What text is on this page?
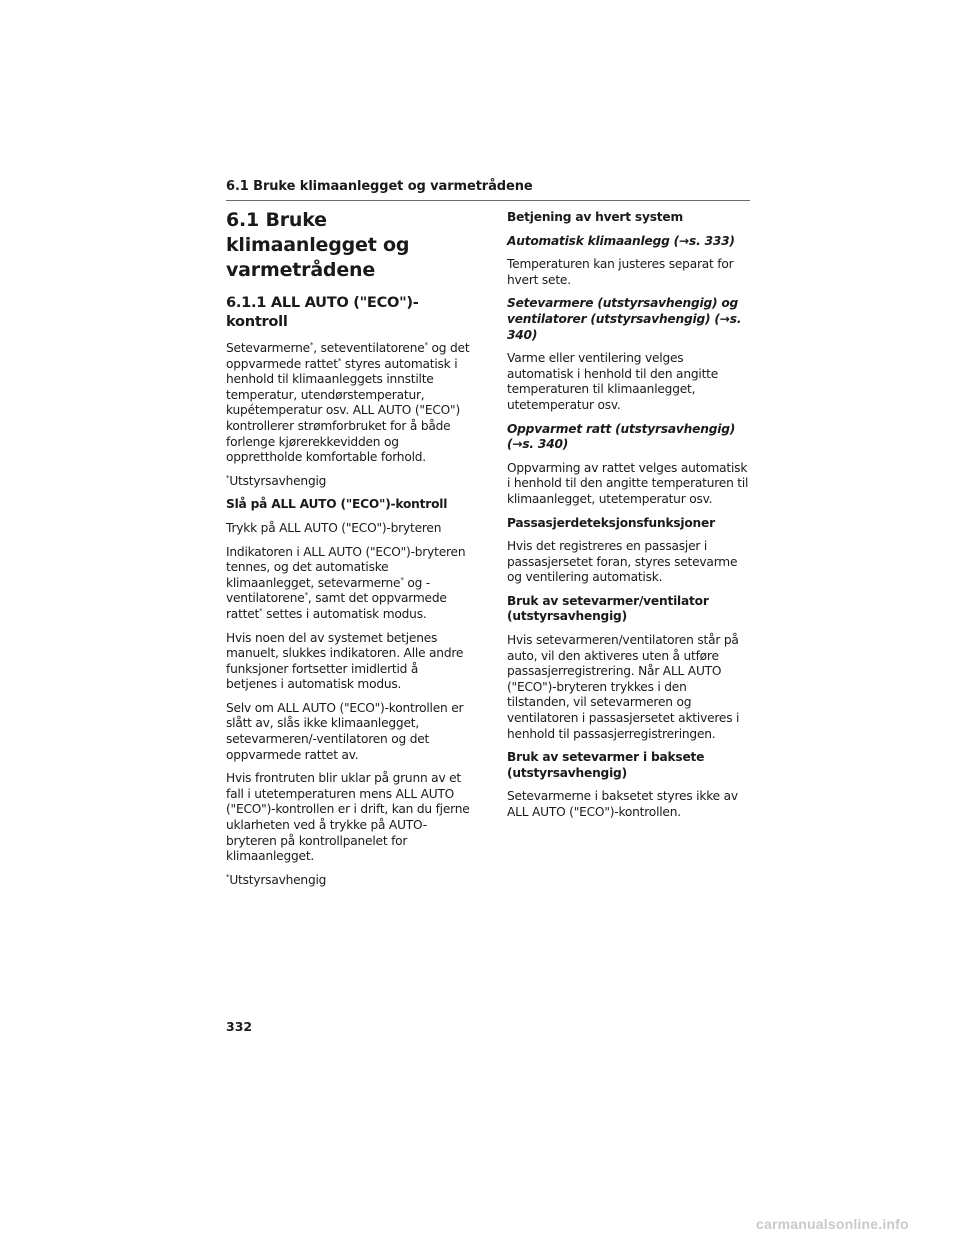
6.1 Bruke klimaanlegget og varmetrådene
6.1 Bruke klimaanlegget og
varmetrådene
6.1.1 ALL AUTO ("ECO")-kontroll

Setevarmerne*, seteventilatorene* og det oppvarmede rattet* styres automatisk i henhold til klimaanleggets innstilte temperatur, utendørstemperatur, kupétemperatur osv. ALL AUTO ("ECO") kontrollerer strømforbruket for å både forlenge kjørerekkevidden og opprettholde komfortable forhold.

*Utstyrsavhengig

Slå på ALL AUTO ("ECO")-kontroll

Trykk på ALL AUTO ("ECO")-bryteren

Indikatoren i ALL AUTO ("ECO")-bryteren tennes, og det automatiske klimaanlegget, setevarmerne* og -ventilatorene*, samt det oppvarmede rattet* settes i automatisk modus.

Hvis noen del av systemet betjenes manuelt, slukkes indikatoren. Alle andre funksjoner fortsetter imidlertid å betjenes i automatisk modus.

Selv om ALL AUTO ("ECO")-kontrollen er slått av, slås ikke klimaanlegget, setevarmeren/-ventilatoren og det oppvarmede rattet av.

Hvis frontruten blir uklar på grunn av et fall i utetemperaturen mens ALL AUTO ("ECO")-kontrollen er i drift, kan du fjerne uklarheten ved å trykke på AUTO-bryteren på kontrollpanelet for klimaanlegget.

*Utstyrsavhengig

Betjening av hvert system

Automatisk klimaanlegg (→s. 333)

Temperaturen kan justeres separat for hvert sete.

Setevarmere (utstyrsavhengig) og ventilatorer (utstyrsavhengig) (→s. 340)

Varme eller ventilering velges automatisk i henhold til den angitte temperaturen til klimaanlegget, utetemperatur osv.

Oppvarmet ratt (utstyrsavhengig)
(→s. 340)

Oppvarming av rattet velges automatisk i henhold til den angitte temperaturen til klimaanlegget, utetemperatur osv.

Passasjerdeteksjonsfunksjoner

Hvis det registreres en passasjer i passasjersetet foran, styres setevarme og ventilering automatisk.

Bruk av setevarmer/ventilator (utstyrsavhengig)

Hvis setevarmeren/ventilatoren står på auto, vil den aktiveres uten å utføre passasjerregistrering. Når ALL AUTO ("ECO")-bryteren trykkes i den tilstanden, vil setevarmeren og ventilatoren i passasjersetet aktiveres i henhold til passasjerregistreringen.

Bruk av setevarmer i baksete (utstyrsavhengig)

Setevarmerne i baksetet styres ikke av ALL AUTO ("ECO")-kontrollen.

332
carmanualsonline.info
